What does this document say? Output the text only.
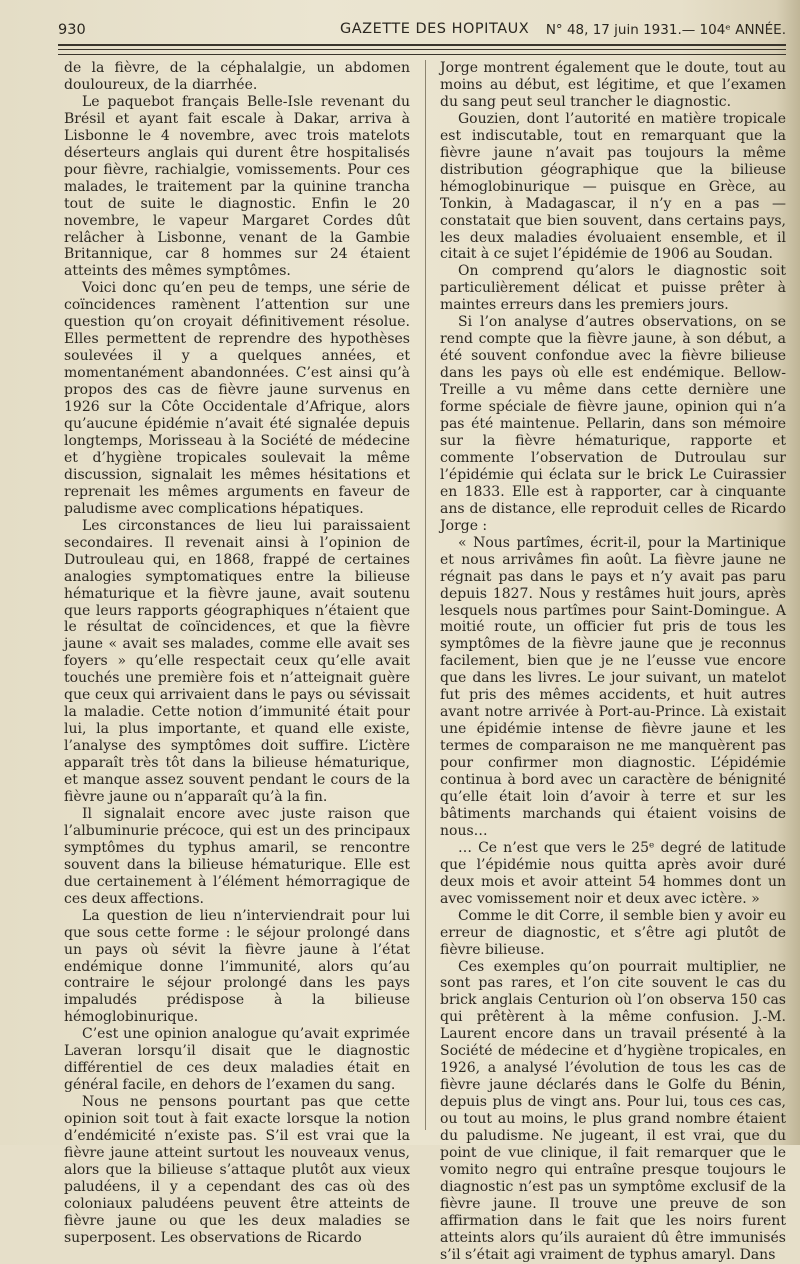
930	GAZETTE DES HOPITAUX N° 48, 17 juin 1931.— 104ᵉ ANNÉE.

de la fièvre, de la céphalalgie, un abdomen douloureux, de la diarrhée.

Le paquebot français Belle-Isle revenant du Brésil et ayant fait escale à Dakar, arriva à Lisbonne le 4 novembre, avec trois matelots déserteurs anglais qui durent être hospitalisés pour fièvre, rachialgie, vomissements. Pour ces malades, le traitement par la quinine trancha tout de suite le diagnostic. Enfin le 20 novembre, le vapeur Margaret Cordes dût relâcher à Lisbonne, venant de la Gambie Britannique, car 8 hommes sur 24 étaient atteints des mêmes symptômes.

Voici donc qu’en peu de temps, une série de coïncidences ramènent l’attention sur une question qu’on croyait définitivement résolue. Elles permettent de reprendre des hypothèses soulevées il y a quelques années, et momentanément abandonnées. C’est ainsi qu’à propos des cas de fièvre jaune survenus en 1926 sur la Côte Occidentale d’Afrique, alors qu’aucune épidémie n’avait été signalée depuis longtemps, Morisseau à la Société de médecine et d’hygiène tropicales soulevait la même discussion, signalait les mêmes hésitations et reprenait les mêmes arguments en faveur de paludisme avec complications hépatiques.

Les circonstances de lieu lui paraissaient secondaires. Il revenait ainsi à l’opinion de Dutrouleau qui, en 1868, frappé de certaines analogies symptomatiques entre la bilieuse hématurique et la fièvre jaune, avait soutenu que leurs rapports géographiques n’étaient que le résultat de coïncidences, et que la fièvre jaune « avait ses malades, comme elle avait ses foyers » qu’elle respectait ceux qu’elle avait touchés une première fois et n’atteignait guère que ceux qui arrivaient dans le pays ou sévissait la maladie. Cette notion d’immunité était pour lui, la plus importante, et quand elle existe, l’analyse des symptômes doit suffire. L’ictère apparaît très tôt dans la bilieuse hématurique, et manque assez souvent pendant le cours de la fièvre jaune ou n’apparaît qu’à la fin.

Il signalait encore avec juste raison que l’albuminurie précoce, qui est un des principaux symptômes du typhus amaril, se rencontre souvent dans la bilieuse hématurique. Elle est due certainement à l’élément hémorragique de ces deux affections.

La question de lieu n’interviendrait pour lui que sous cette forme : le séjour prolongé dans un pays où sévit la fièvre jaune à l’état endémique donne l’immunité, alors qu’au contraire le séjour prolongé dans les pays impaludés prédispose à la bilieuse hémoglobinurique.

C’est une opinion analogue qu’avait exprimée Laveran lorsqu’il disait que le diagnostic différentiel de ces deux maladies était en général facile, en dehors de l’examen du sang.

Nous ne pensons pourtant pas que cette opinion soit tout à fait exacte lorsque la notion d’endémicité n’existe pas. S’il est vrai que la fièvre jaune atteint surtout les nouveaux venus, alors que la bilieuse s’attaque plutôt aux vieux paludéens, il y a cependant des cas où des coloniaux paludéens peuvent être atteints de fièvre jaune ou que les deux maladies se superposent. Les observations de Ricardo

Jorge montrent également que le doute, tout au moins au début, est légitime, et que l’examen du sang peut seul trancher le diagnostic.

Gouzien, dont l’autorité en matière tropicale est indiscutable, tout en remarquant que la fièvre jaune n’avait pas toujours la même distribution géographique que la bilieuse hémoglobinurique — puisque en Grèce, au Tonkin, à Madagascar, il n’y en a pas — constatait que bien souvent, dans certains pays, les deux maladies évoluaient ensemble, et il citait à ce sujet l’épidémie de 1906 au Soudan.

On comprend qu’alors le diagnostic soit particulièrement délicat et puisse prêter à maintes erreurs dans les premiers jours.

Si l’on analyse d’autres observations, on se rend compte que la fièvre jaune, à son début, a été souvent confondue avec la fièvre bilieuse dans les pays où elle est endémique. Bellow-Treille a vu même dans cette dernière une forme spéciale de fièvre jaune, opinion qui n’a pas été maintenue. Pellarin, dans son mémoire sur la fièvre hématurique, rapporte et commente l’observation de Dutroulau sur l’épidémie qui éclata sur le brick Le Cuirassier en 1833. Elle est à rapporter, car à cinquante ans de distance, elle reproduit celles de Ricardo Jorge :

« Nous partîmes, écrit-il, pour la Martinique et nous arrivâmes fin août. La fièvre jaune ne régnait pas dans le pays et n’y avait pas paru depuis 1827. Nous y restâmes huit jours, après lesquels nous partîmes pour Saint-Domingue. A moitié route, un officier fut pris de tous les symptômes de la fièvre jaune que je reconnus facilement, bien que je ne l’eusse vue encore que dans les livres. Le jour suivant, un matelot fut pris des mêmes accidents, et huit autres avant notre arrivée à Port-au-Prince. Là existait une épidémie intense de fièvre jaune et les termes de comparaison ne me manquèrent pas pour confirmer mon diagnostic. L’épidémie continua à bord avec un caractère de bénignité qu’elle était loin d’avoir à terre et sur les bâtiments marchands qui étaient voisins de nous…

… Ce n’est que vers le 25ᵉ degré de latitude que l’épidémie nous quitta après avoir duré deux mois et avoir atteint 54 hommes dont un avec vomissement noir et deux avec ictère. »

Comme le dit Corre, il semble bien y avoir eu erreur de diagnostic, et s’être agi plutôt de fièvre bilieuse.

Ces exemples qu’on pourrait multiplier, ne sont pas rares, et l’on cite souvent le cas du brick anglais Centurion où l’on observa 150 cas qui prêtèrent à la même confusion. J.-M. Laurent encore dans un travail présenté à la Société de médecine et d’hygiène tropicales, en 1926, a analysé l’évolution de tous les cas de fièvre jaune déclarés dans le Golfe du Bénin, depuis plus de vingt ans. Pour lui, tous ces cas, ou tout au moins, le plus grand nombre étaient du paludisme. Ne jugeant, il est vrai, que du point de vue clinique, il fait remarquer que le vomito negro qui entraîne presque toujours le diagnostic n’est pas un symptôme exclusif de la fièvre jaune. Il trouve une preuve de son affirmation dans le fait que les noirs furent atteints alors qu’ils auraient dû être immunisés s’il s’était agi vraiment de typhus amaryl. Dans
